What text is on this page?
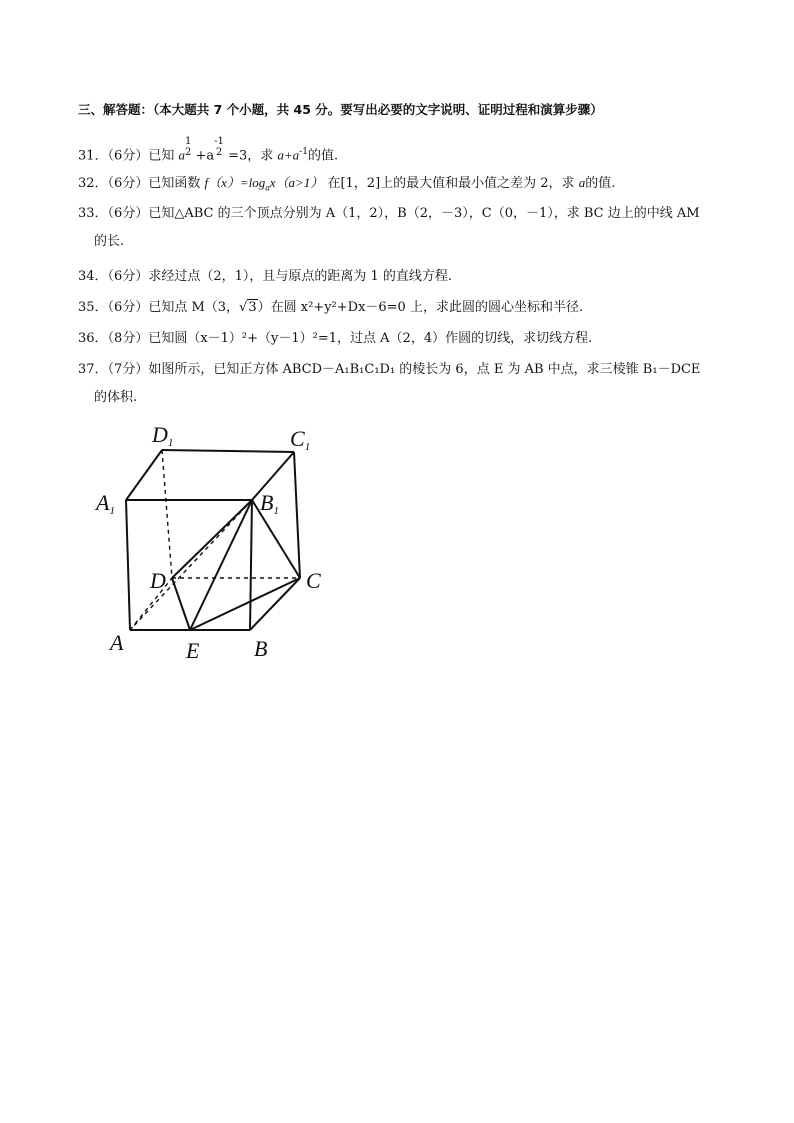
三、解答题：（本大题共 7 个小题，共 45 分。要写出必要的文字说明、证明过程和演算步骤）
31．（6分）已知 a1
2 +a-1
2 =3，求 $a+a^{-1}$的值.
32．（6分）已知函数 $f(x)=\log_ax(a>1)$ 在[1，2]上的最大值和最小值之差为 2，求 a的值.
33．（6分）已知△ABC 的三个顶点分别为 A（1，2），B（2，－3），C（0，－1），求 BC 边上的中线 AM
的长.
34．（6分）求经过点（2，1），且与原点的距离为 1 的直线方程.
35．（6分）已知点 M（3，√3）在圆 x²+y²+Dx－6=0 上，求此圆的圆心坐标和半径.
36．（8分）已知圆（x－1）²+（y－1）²=1，过点 A（2，4）作圆的切线，求切线方程.
37．（7分）如图所示，已知正方体 ABCD－A₁B₁C₁D₁ 的棱长为 6，点 E 为 AB 中点，求三棱锥 B₁－DCE
的体积.
D1	C1
A1	B1
D	C
A	E B
